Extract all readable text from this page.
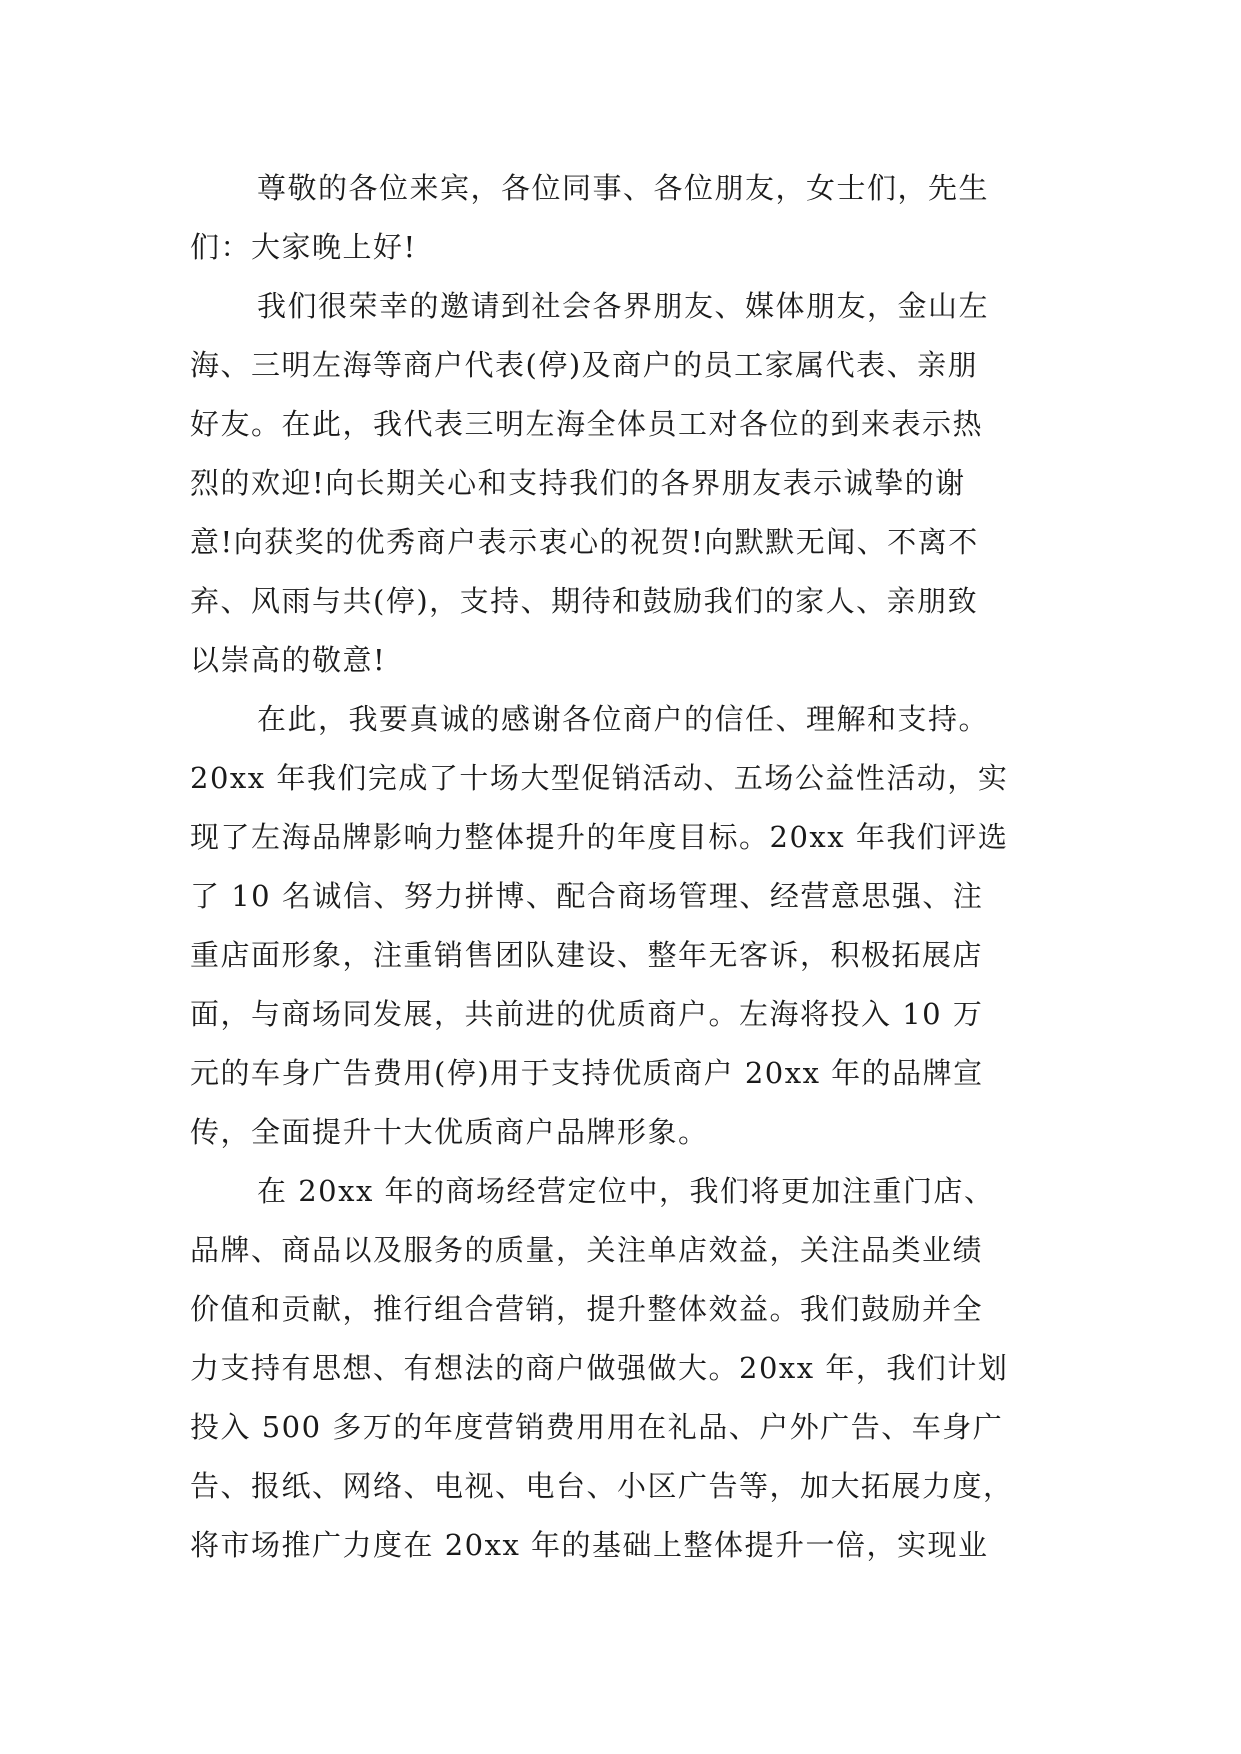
尊敬的各位来宾，各位同事、各位朋友，女士们，先生
们：大家晚上好!
我们很荣幸的邀请到社会各界朋友、媒体朋友，金山左
海、三明左海等商户代表(停)及商户的员工家属代表、亲朋
好友。在此，我代表三明左海全体员工对各位的到来表示热
烈的欢迎!向长期关心和支持我们的各界朋友表示诚挚的谢
意!向获奖的优秀商户表示衷心的祝贺!向默默无闻、不离不
弃、风雨与共(停)，支持、期待和鼓励我们的家人、亲朋致
以崇高的敬意!
在此，我要真诚的感谢各位商户的信任、理解和支持。
20xx 年我们完成了十场大型促销活动、五场公益性活动，实
现了左海品牌影响力整体提升的年度目标。20xx 年我们评选
了 10 名诚信、努力拼博、配合商场管理、经营意思强、注
重店面形象，注重销售团队建设、整年无客诉，积极拓展店
面，与商场同发展，共前进的优质商户。左海将投入 10 万
元的车身广告费用(停)用于支持优质商户 20xx 年的品牌宣
传，全面提升十大优质商户品牌形象。
在 20xx 年的商场经营定位中，我们将更加注重门店、
品牌、商品以及服务的质量，关注单店效益，关注品类业绩
价值和贡献，推行组合营销，提升整体效益。我们鼓励并全
力支持有思想、有想法的商户做强做大。20xx 年，我们计划
投入 500 多万的年度营销费用用在礼品、户外广告、车身广
告、报纸、网络、电视、电台、小区广告等，加大拓展力度，
将市场推广力度在 20xx 年的基础上整体提升一倍，实现业
